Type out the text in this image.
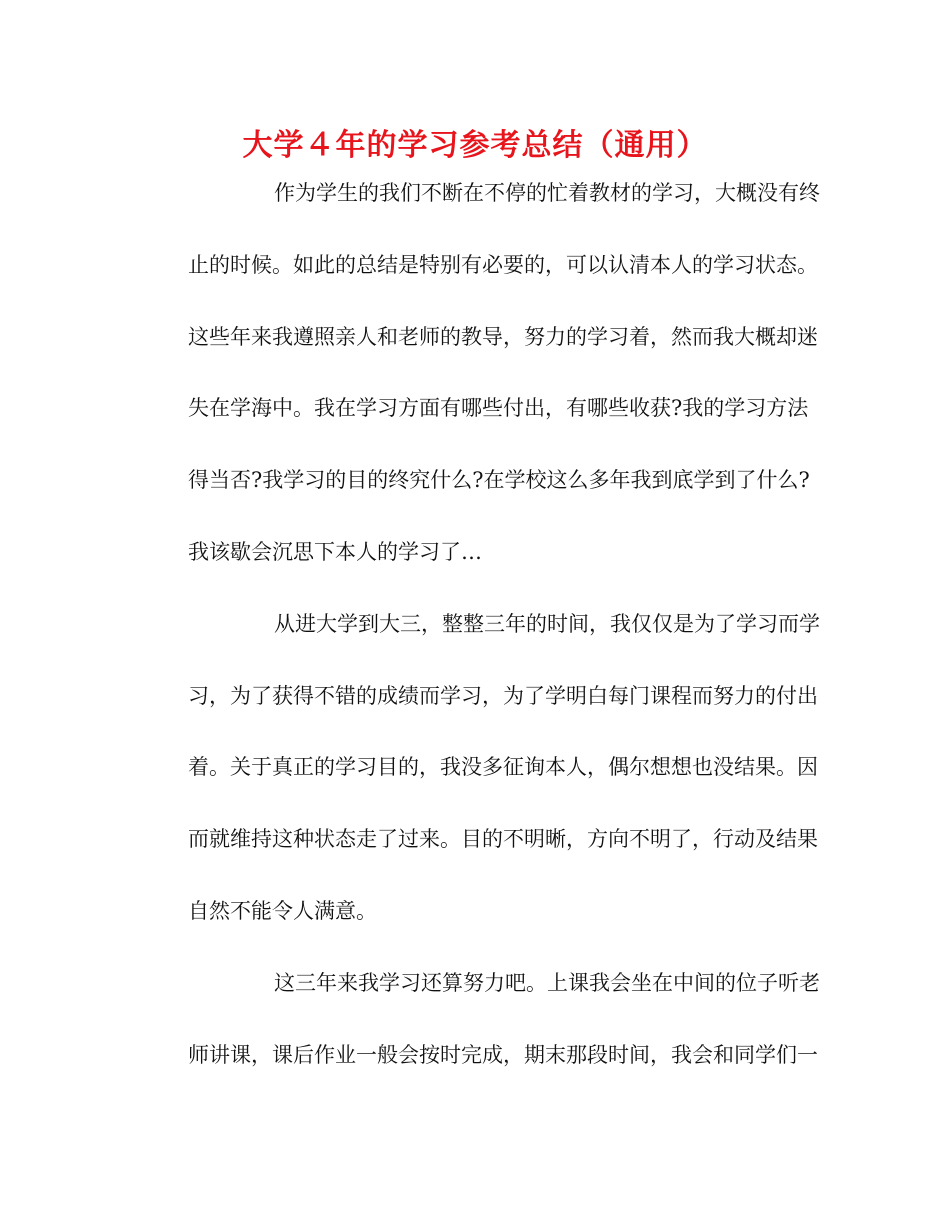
大学４年的学习参考总结（通用）
作为学生的我们不断在不停的忙着教材的学习，大概没有终
止的时候。如此的总结是特别有必要的，可以认清本人的学习状态。
这些年来我遵照亲人和老师的教导，努力的学习着，然而我大概却迷
失在学海中。我在学习方面有哪些付出，有哪些收获?我的学习方法
得当否?我学习的目的终究什么?在学校这么多年我到底学到了什么?
我该歇会沉思下本人的学习了…
从进大学到大三，整整三年的时间，我仅仅是为了学习而学
习，为了获得不错的成绩而学习，为了学明白每门课程而努力的付出
着。关于真正的学习目的，我没多征询本人，偶尔想想也没结果。因
而就维持这种状态走了过来。目的不明晰，方向不明了，行动及结果
自然不能令人满意。
这三年来我学习还算努力吧。上课我会坐在中间的位子听老
师讲课，课后作业一般会按时完成，期末那段时间，我会和同学们一
